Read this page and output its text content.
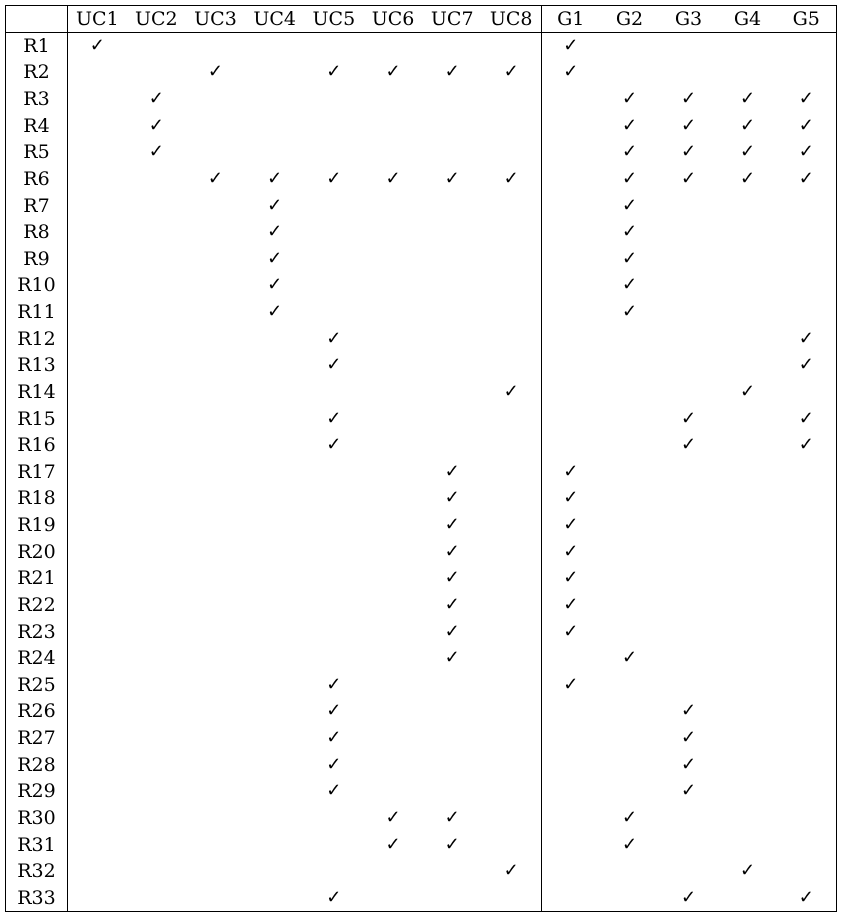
	UC1	UC2	UC3	UC4	UC5	UC6	UC7	UC8	G1	G2	G3	G4	G5
R1	✓								✓				
R2			✓		✓	✓	✓	✓	✓				
R3		✓								✓	✓	✓	✓
R4		✓								✓	✓	✓	✓
R5		✓								✓	✓	✓	✓
R6			✓	✓	✓	✓	✓	✓		✓	✓	✓	✓
R7				✓						✓			
R8				✓						✓			
R9				✓						✓			
R10				✓						✓			
R11				✓						✓			
R12					✓								✓
R13					✓								✓
R14								✓				✓	
R15					✓						✓		✓
R16					✓						✓		✓
R17							✓		✓				
R18							✓		✓				
R19							✓		✓				
R20							✓		✓				
R21							✓		✓				
R22							✓		✓				
R23							✓		✓				
R24							✓			✓			
R25					✓				✓				
R26					✓						✓		
R27					✓						✓		
R28					✓						✓		
R29					✓						✓		
R30						✓	✓			✓			
R31						✓	✓			✓			
R32								✓				✓	
R33					✓						✓		✓
